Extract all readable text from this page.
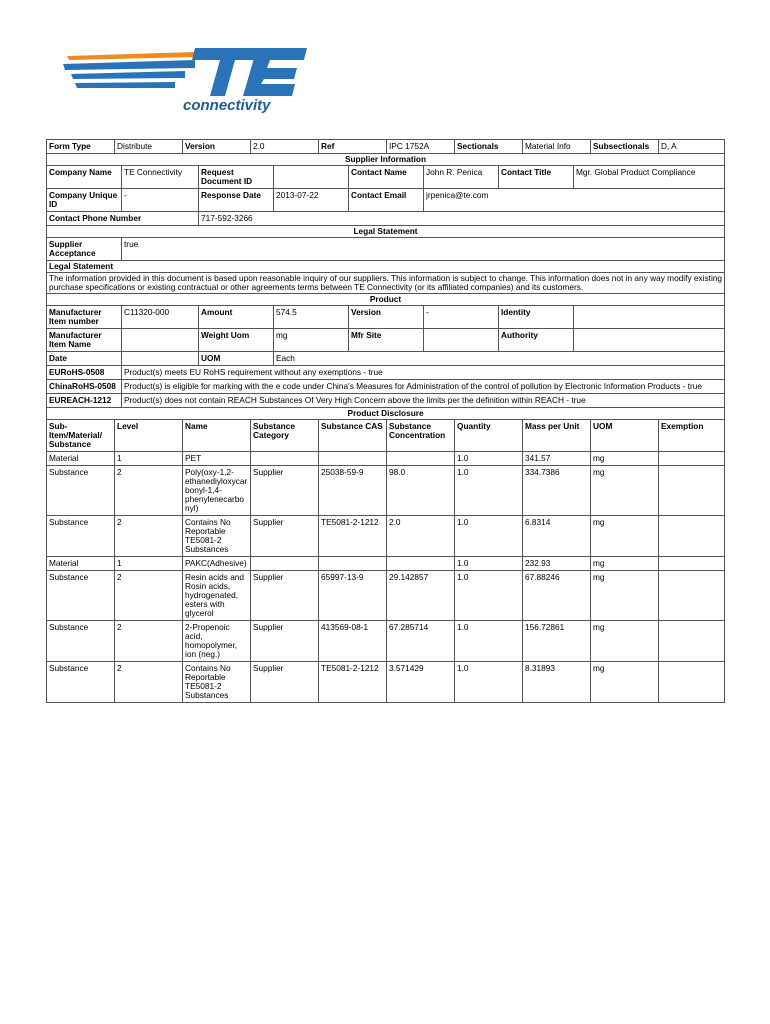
connectivity
Form Type	Distribute	Version	2.0	Ref	IPC 1752A	Sectionals	Material Info	Subsectionals	D, A
Supplier Information							
Company Name	TE Connectivity	Request Document ID		Contact Name	John R. Penica	Contact Title	Mgr. Global Product Compliance
Company Unique ID	-	Response Date	2013-07-22	Contact Email	jrpenica@te.com		
Contact Phone Number		717-592-3266					
Legal Statement							
Supplier Acceptance	true						
Legal Statement							
The information provided in this document is based upon reasonable inquiry of our suppliers. This information is subject to change. This information does not in any way modify existing purchase specifications or existing contractual or other agreements terms between TE Connectivity (or its affiliated companies) and its customers.							
Product							
Manufacturer Item number	C11320-000	Amount	574.5	Version	-	Identity	
Manufacturer Item Name		Weight Uom	mg	Mfr Site		Authority	
Date		UOM	Each				
EURoHS-0508	Product(s) meets EU RoHS requirement without any exemptions - true						
ChinaRoHS-0508	Product(s) is eligible for marking with the e code under China's Measures for Administration of the control of pollution by Electronic Information Products - true						
EUREACH-1212	Product(s) does not contain REACH Substances Of Very High Concern above the limits per the definition within REACH - true						
Product Disclosure									
Sub-Item/Material/ Substance	Level	Name	Substance Category	Substance CAS	Substance Concentration	Quantity	Mass per Unit	UOM	Exemption
Material	1	PET				1.0	341.57	mg	
Substance	2	Poly(oxy-1,2-ethanediyloxycarbonyl-1,4-phenylenecarbonyl)	Supplier	25038-59-9	98.0	1.0	334.7386	mg	
Substance	2	Contains No Reportable TE5081-2 Substances	Supplier	TE5081-2-1212	2.0	1.0	6.8314	mg	
Material	1	PAKC(Adhesive)				1.0	232.93	mg	
Substance	2	Resin acids and Rosin acids, hydrogenated, esters with glycerol	Supplier	65997-13-9	29.142857	1.0	67.88246	mg	
Substance	2	2-Propenoic acid, homopolymer, ion (neg.)	Supplier	413569-08-1	67.285714	1.0	156.72861	mg	
Substance	2	Contains No Reportable TE5081-2 Substances	Supplier	TE5081-2-1212	3.571429	1.0	8.31893	mg	
